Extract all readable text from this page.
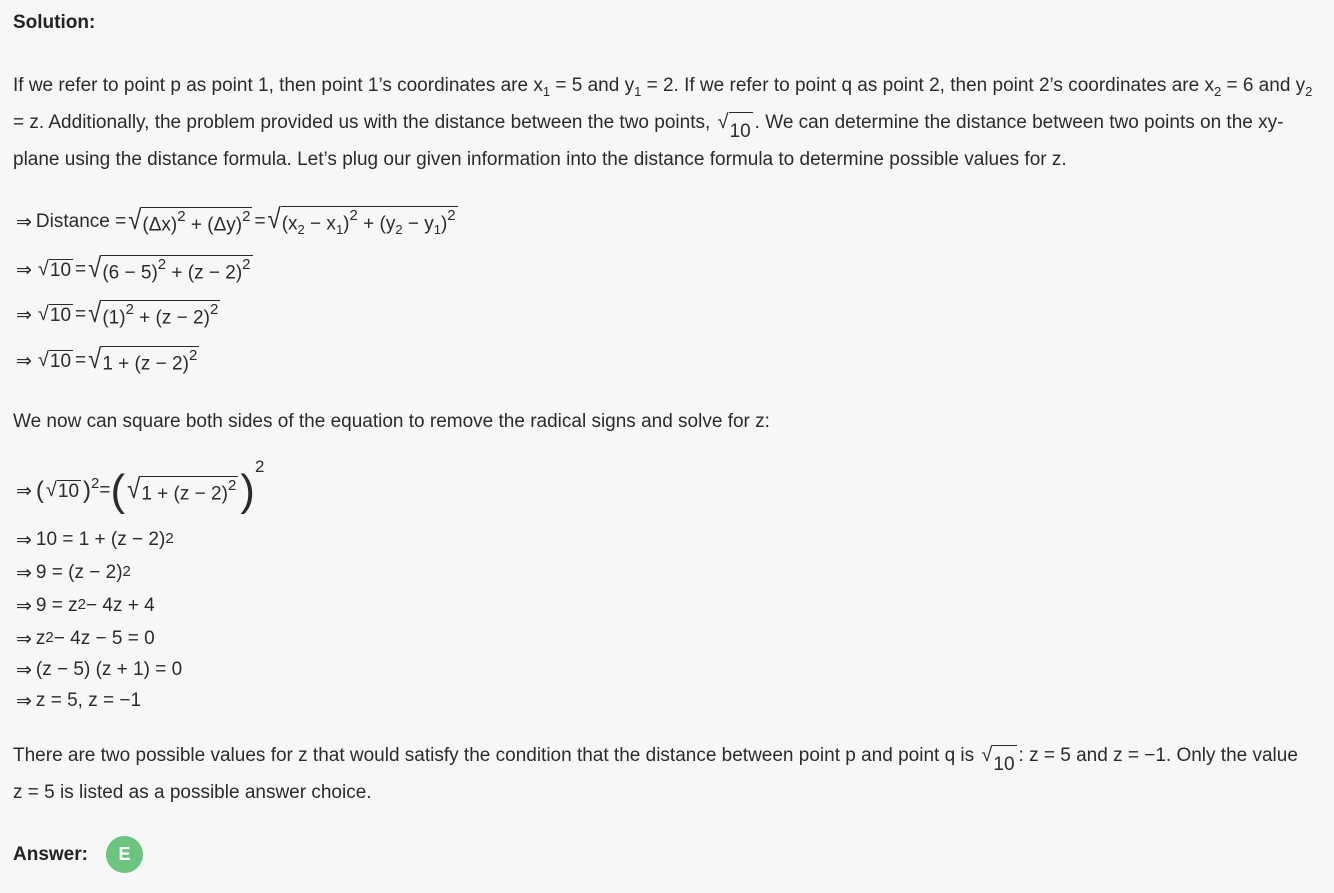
Solution:
If we refer to point p as point 1, then point 1’s coordinates are $x_1 = 5$ and $y_1 = 2$. If we refer to point q as point 2, then point 2’s coordinates are $x_2 = 6$ and $y_2$
= z. Additionally, the problem provided us with the distance between the two points, √ 10 . We can determine the distance between two points on the xy-
plane using the distance formula. Let’s plug our given information into the distance formula to determine possible values for z.
⇒ Distance = √ $(\Delta x)^2 + (\Delta y)^2$ = √ $(x_2 - x_1)^2 + (y_2 - y_1)^2$
⇒ √ 10 = √ $(6 - 5)^2 + (z - 2)^2$
⇒ √ 10 = √ $(1)^2 + (z - 2)^2$
⇒ √ 10 = √ $1 + (z - 2)^2$
We now can square both sides of the equation to remove the radical signs and solve for z:
⇒ ( √ 10 )$^2$ = ( √ $1 + (z - 2)^2$ )$^2$
⇒ $10 = 1 + (z - 2)^2$
⇒ $9 = (z - 2)^2$
⇒ $9 = z^2 - 4z + 4$
⇒ $z^2 - 4z - 5 = 0$
⇒ (z − 5) (z + 1) = 0
⇒ z = 5, z = −1
There are two possible values for z that would satisfy the condition that the distance between point p and point q is √ 10 : z = 5 and z = −1. Only the value
z = 5 is listed as a possible answer choice.
Answer:	E
